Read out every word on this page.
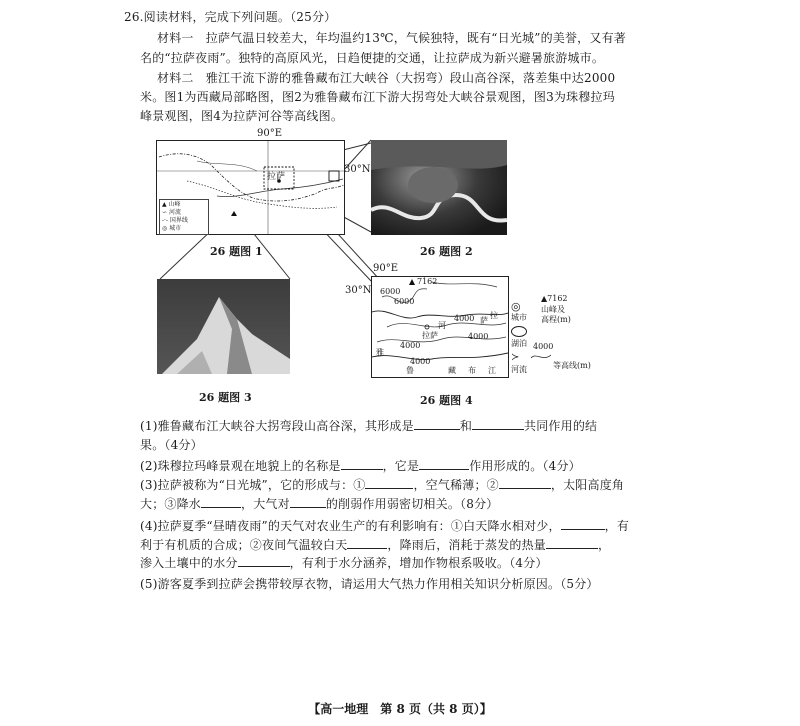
26.阅读材料，完成下列问题。（25分）
材料一　拉萨气温日较差大，年均温约13℃，气候独特，既有“日光城”的美誉，又有著
名的“拉萨夜雨”。独特的高原风光，日趋便捷的交通，让拉萨成为新兴避暑旅游城市。
材料二　雅江干流下游的雅鲁藏布江大峡谷（大拐弯）段山高谷深，落差集中达2000
米。图1为西藏局部略图，图2为雅鲁藏布江下游大拐弯处大峡谷景观图，图3为珠穆拉玛
峰景观图，图4为拉萨河谷等高线图。
拉萨
▲ 山峰
∽ 河流
-·- 国界线
◎ 城市
90°E
30°N
26 题图 1	26 题图 2
26 题图 3
7162
6000
6000
4000
4000
4000
4000
拉
萨
河
拉萨
雅
鲁	藏 布 江
90°E
30°N
◎
城市
▲7162
山峰及
高程(m)
湖泊
≻
河流
4000
等高线(m)
26 题图 4
(1)雅鲁藏布江大峡谷大拐弯段山高谷深，其形成是	和	共同作用的结
果。（4分）
(2)珠穆拉玛峰景观在地貌上的名称是	，它是	作用形成的。（4分）
(3)拉萨被称为“日光城”，它的形成与：①	，空气稀薄；②	，太阳高度角
大；③降水	，大气对	的削弱作用弱密切相关。（8分）
(4)拉萨夏季“昼晴夜雨”的天气对农业生产的有利影响有：①白天降水相对少，	，有
利于有机质的合成；②夜间气温较白天	，降雨后，消耗于蒸发的热量	，
渗入土壤中的水分	，有利于水分涵养，增加作物根系吸收。（4分）
(5)游客夏季到拉萨会携带较厚衣物，请运用大气热力作用相关知识分析原因。（5分）
【高一地理　第 8 页（共 8 页）】
